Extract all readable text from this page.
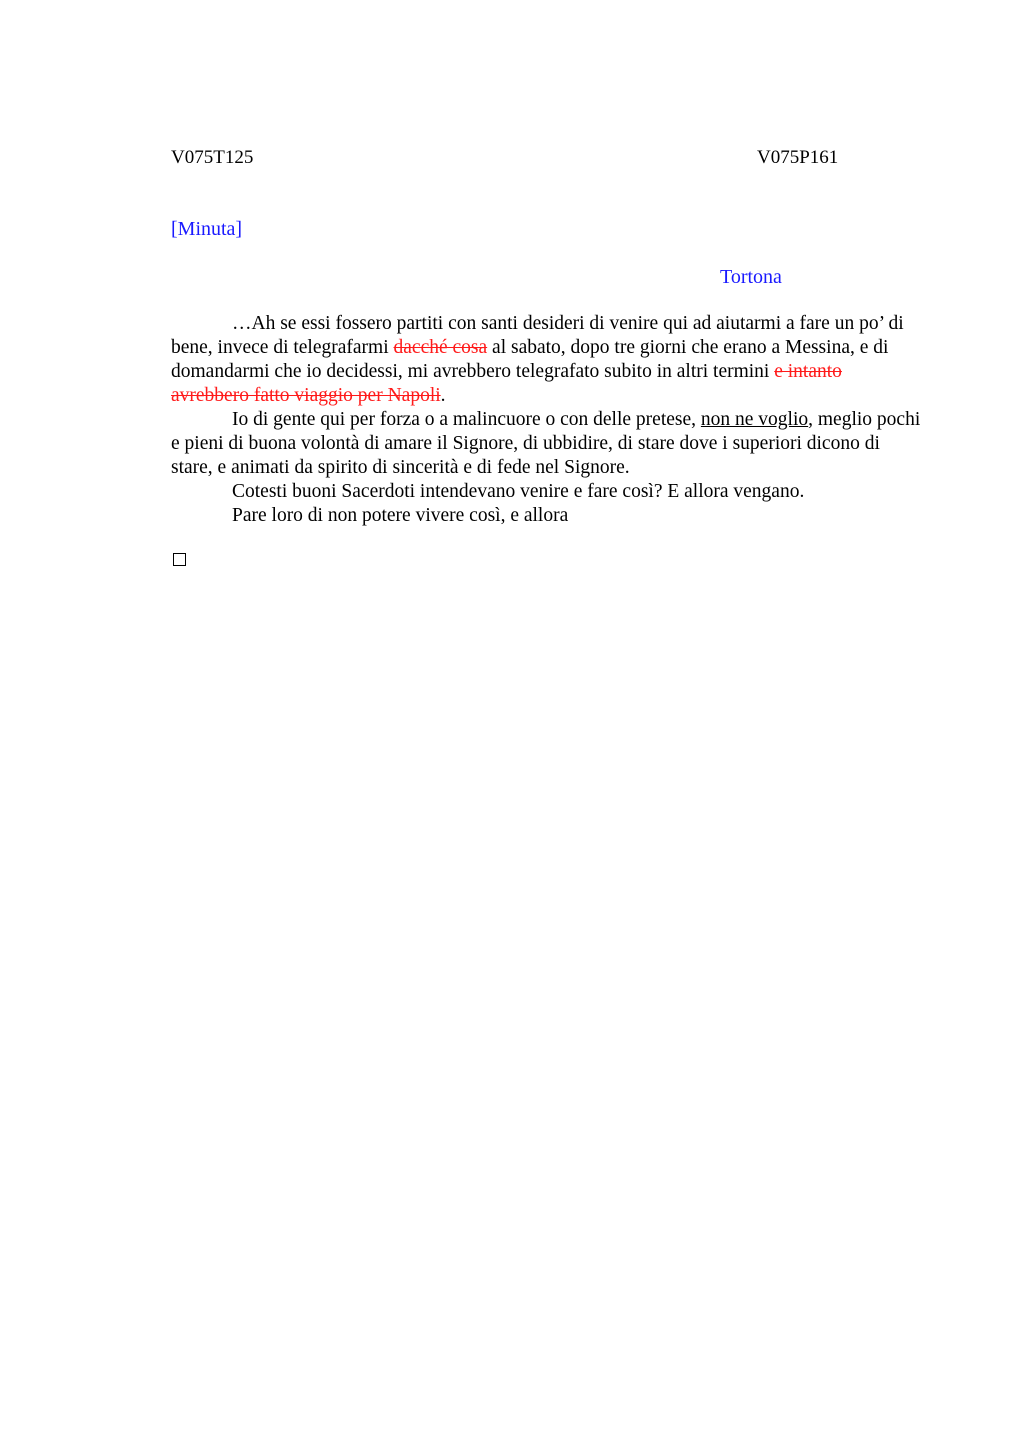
V075T125	V075P161
[Minuta]
Tortona

…Ah se essi fossero partiti con santi desideri di venire qui ad aiutarmi a fare un po’ di bene, invece di telegrafarmi dacché cosa al sabato, dopo tre giorni che erano a Messina, e di domandarmi che io decidessi, mi avrebbero telegrafato subito in altri termini e intanto avrebbero fatto viaggio per Napoli.

Io di gente qui per forza o a malincuore o con delle pretese, non ne voglio, meglio pochi e pieni di buona volontà di amare il Signore, di ubbidire, di stare dove i superiori dicono di stare, e animati da spirito di sincerità e di fede nel Signore.

Cotesti buoni Sacerdoti intendevano venire e fare così? E allora vengano.

Pare loro di non potere vivere così, e allora
